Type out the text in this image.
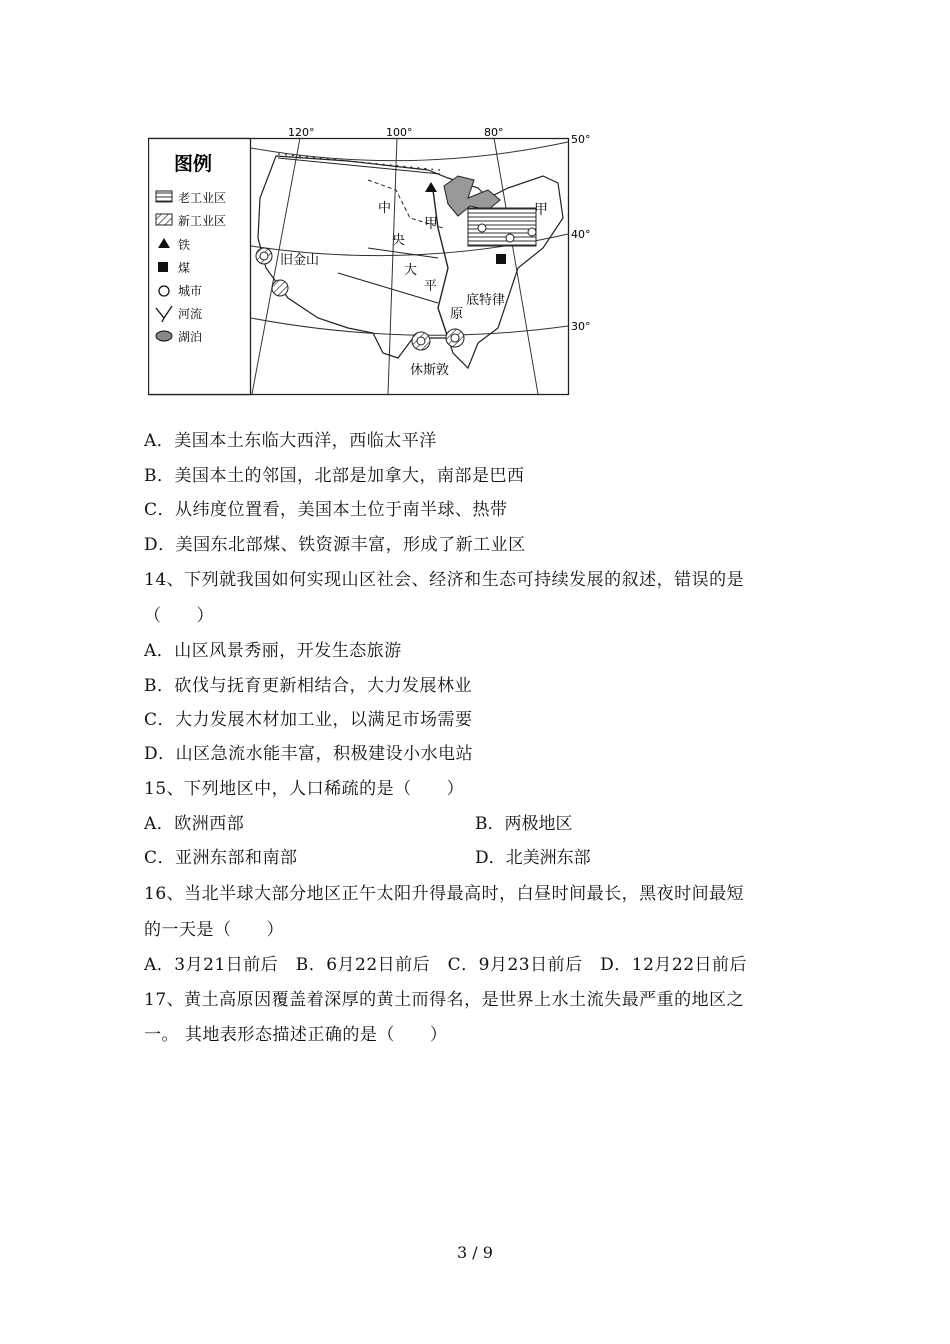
图例
老工业区
新工业区
铁
煤
城市
河流
湖泊
120°	100°	80°
50°
40°
30°
旧金山
休斯敦
底特律
甲
甲
中
央
大
平
原
A．美国本土东临大西洋，西临太平洋
B．美国本土的邻国，北部是加拿大，南部是巴西
C．从纬度位置看，美国本土位于南半球、热带
D．美国东北部煤、铁资源丰富，形成了新工业区
14、下列就我国如何实现山区社会、经济和生态可持续发展的叙述，错误的是
（　　）
A．山区风景秀丽，开发生态旅游
B．砍伐与抚育更新相结合，大力发展林业
C．大力发展木材加工业，以满足市场需要
D．山区急流水能丰富，积极建设小水电站
15、下列地区中，人口稀疏的是（　　）
A．欧洲西部	B．两极地区
C．亚洲东部和南部	D．北美洲东部
16、当北半球大部分地区正午太阳升得最高时，白昼时间最长，黑夜时间最短
的一天是（　　）
A．3月21日前后　B．6月22日前后　C．9月23日前后　D．12月22日前后
17、黄土高原因覆盖着深厚的黄土而得名，是世界上水土流失最严重的地区之
一。 其地表形态描述正确的是（　　）
3 / 9
